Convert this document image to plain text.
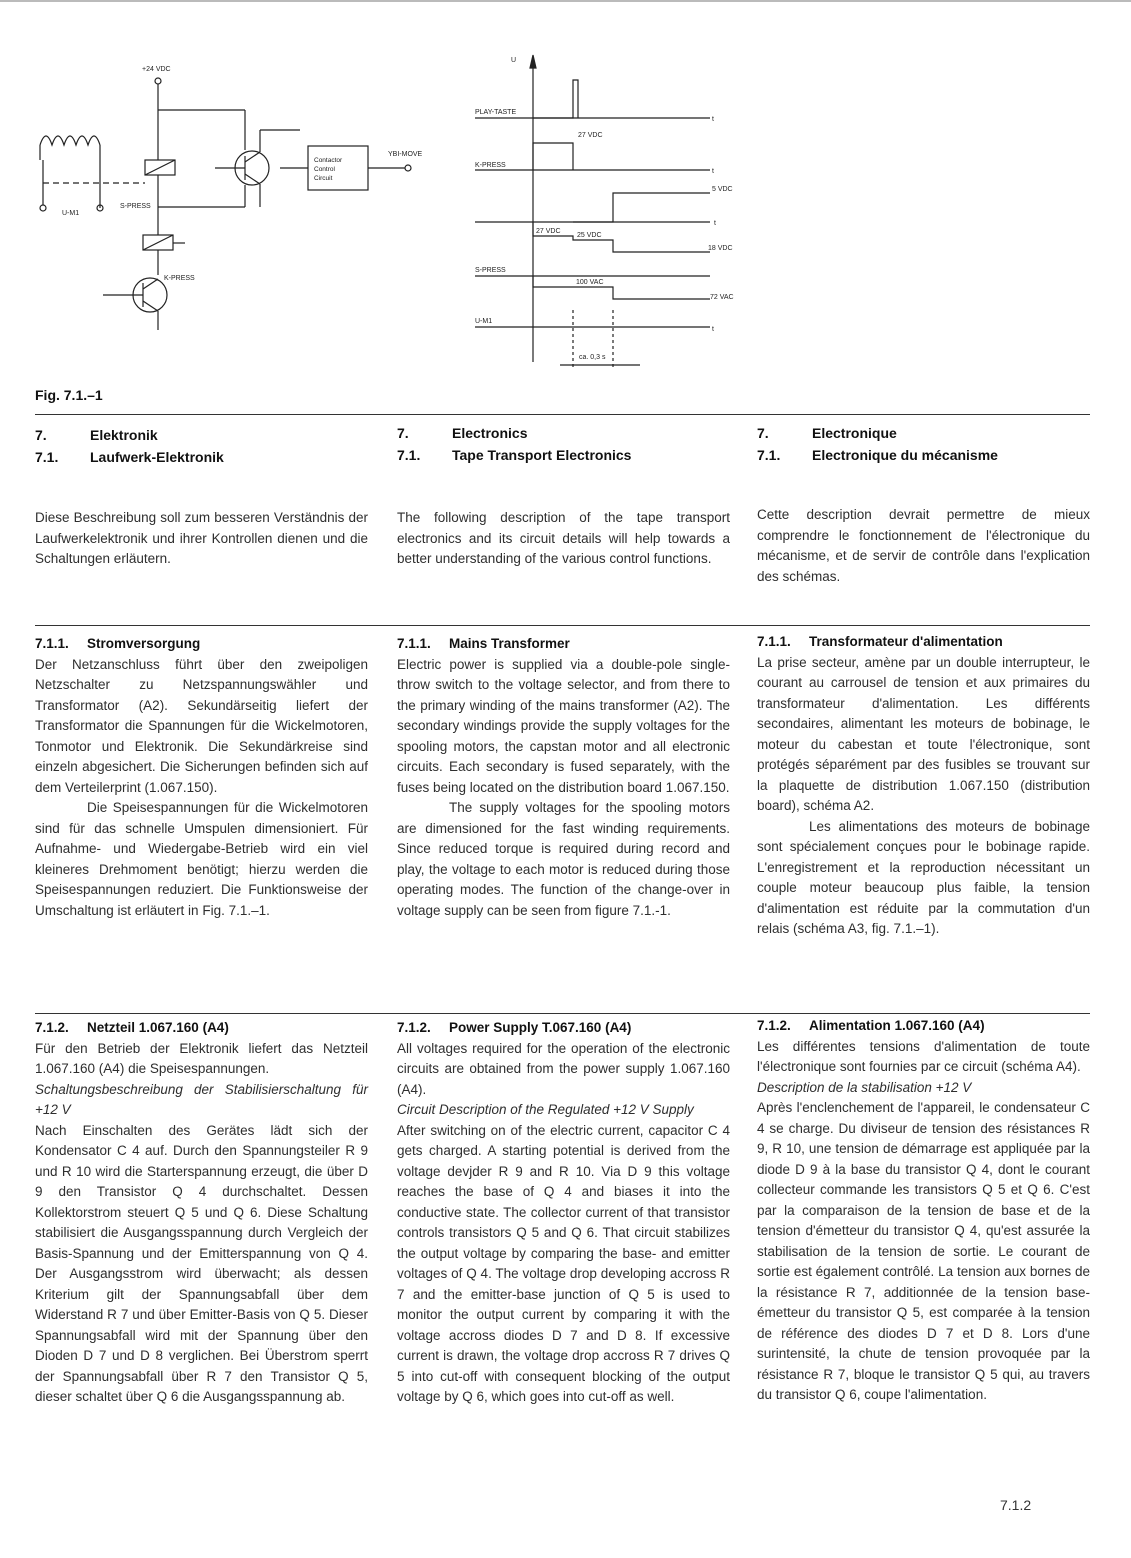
+24 VDC
U-M1
S-PRESS
K-PRESS
Contactor
Control
Circuit
YBI-MOVE
U
t
t
t
t
PLAY-TASTE
K-PRESS
S-PRESS
U-M1
27 VDC
5 VDC
27 VDC
25 VDC
18 VDC
100 VAC
72 VAC
ca. 0,3 s
Fig. 7.1.–1
7.	Elektronik
7.1. Laufwerk-Elektronik
7.	Electronics
7.1. Tape Transport Electronics
7.	Electronique
7.1. Electronique du mécanisme

Diese Beschreibung soll zum besseren Verständnis der Laufwerkelektronik und ihrer Kontrollen dienen und die Schaltungen erläutern.

The following description of the tape transport electronics and its circuit details will help towards a better understanding of the various control functions.

Cette description devrait permettre de mieux comprendre le fonctionnement de l'électronique du mécanisme, et de servir de contrôle dans l'explication des schémas.

7.1.1. Stromversorgung

Der Netzanschluss führt über den zweipoligen Netzschalter zu Netzspannungswähler und Transformator (A2). Sekundärseitig liefert der Transformator die Spannungen für die Wickelmotoren, Tonmotor und Elektronik. Die Sekundärkreise sind einzeln abgesichert. Die Sicherungen befinden sich auf dem Verteilerprint (1.067.150).

Die Speisespannungen für die Wickelmotoren sind für das schnelle Umspulen dimensioniert. Für Aufnahme- und Wiedergabe-Betrieb wird ein viel kleineres Drehmoment benötigt; hierzu werden die Speisespannungen reduziert. Die Funktionsweise der Umschaltung ist erläutert in Fig. 7.1.–1.

7.1.1. Mains Transformer

Electric power is supplied via a double-pole single-throw switch to the voltage selector, and from there to the primary winding of the mains transformer (A2). The secondary windings provide the supply voltages for the spooling motors, the capstan motor and all electronic circuits. Each secondary is fused separately, with the fuses being located on the distribution board 1.067.150.

The supply voltages for the spooling motors are dimensioned for the fast winding requirements. Since reduced torque is required during record and play, the voltage to each motor is reduced during those operating modes. The function of the change-over in voltage supply can be seen from figure 7.1.-1.

7.1.1. Transformateur d'alimentation

La prise secteur, amène par un double interrupteur, le courant au carrousel de tension et aux primaires du transformateur d'alimentation. Les différents secondaires, alimentant les moteurs de bobinage, le moteur du cabestan et toute l'électronique, sont protégés séparément par des fusibles se trouvant sur la plaquette de distribution 1.067.150 (distribution board), schéma A2.

Les alimentations des moteurs de bobinage sont spécialement conçues pour le bobinage rapide. L'enregistrement et la reproduction nécessitant un couple moteur beaucoup plus faible, la tension d'alimentation est réduite par la commutation d'un relais (schéma A3, fig. 7.1.–1).

7.1.2. Netzteil 1.067.160 (A4)

Für den Betrieb der Elektronik liefert das Netzteil 1.067.160 (A4) die Speisespannungen.

Schaltungsbeschreibung der Stabilisierschaltung für +12 V

Nach Einschalten des Gerätes lädt sich der Kondensator C 4 auf. Durch den Spannungsteiler R 9 und R 10 wird die Starterspannung erzeugt, die über D 9 den Transistor Q 4 durchschaltet. Dessen Kollektorstrom steuert Q 5 und Q 6. Diese Schaltung stabilisiert die Ausgangsspannung durch Vergleich der Basis-Spannung und der Emitterspannung von Q 4. Der Ausgangsstrom wird überwacht; als dessen Kriterium gilt der Spannungsabfall über dem Widerstand R 7 und über Emitter-Basis von Q 5. Dieser Spannungsabfall wird mit der Spannung über den Dioden D 7 und D 8 verglichen. Bei Überstrom sperrt der Spannungsabfall über R 7 den Transistor Q 5, dieser schaltet über Q 6 die Ausgangsspannung ab.

7.1.2. Power Supply T.067.160 (A4)

All voltages required for the operation of the electronic circuits are obtained from the power supply 1.067.160 (A4).

Circuit Description of the Regulated +12 V Supply

After switching on of the electric current, capacitor C 4 gets charged. A starting potential is derived from the voltage devjder R 9 and R 10. Via D 9 this voltage reaches the base of Q 4 and biases it into the conductive state. The collector current of that transistor controls transistors Q 5 and Q 6. That circuit stabilizes the output voltage by comparing the base- and emitter voltages of Q 4. The voltage drop developing accross R 7 and the emitter-base junction of Q 5 is used to monitor the output current by comparing it with the voltage accross diodes D 7 and D 8. If excessive current is drawn, the voltage drop accross R 7 drives Q 5 into cut-off with consequent blocking of the output voltage by Q 6, which goes into cut-off as well.

7.1.2. Alimentation 1.067.160 (A4)

Les différentes tensions d'alimentation de toute l'électronique sont fournies par ce circuit (schéma A4).

Description de la stabilisation +12 V

Après l'enclenchement de l'appareil, le condensateur C 4 se charge. Du diviseur de tension des résistances R 9, R 10, une tension de démarrage est appliquée par la diode D 9 à la base du transistor Q 4, dont le courant collecteur commande les transistors Q 5 et Q 6. C'est par la comparaison de la tension de base et de la tension d'émetteur du transistor Q 4, qu'est assurée la stabilisation de la tension de sortie. Le courant de sortie est également contrôlé. La tension aux bornes de la résistance R 7, additionnée de la tension base-émetteur du transistor Q 5, est comparée à la tension de référence des diodes D 7 et D 8. Lors d'une surintensité, la chute de tension provoquée par la résistance R 7, bloque le transistor Q 5 qui, au travers du transistor Q 6, coupe l'alimentation.

7.1.2
